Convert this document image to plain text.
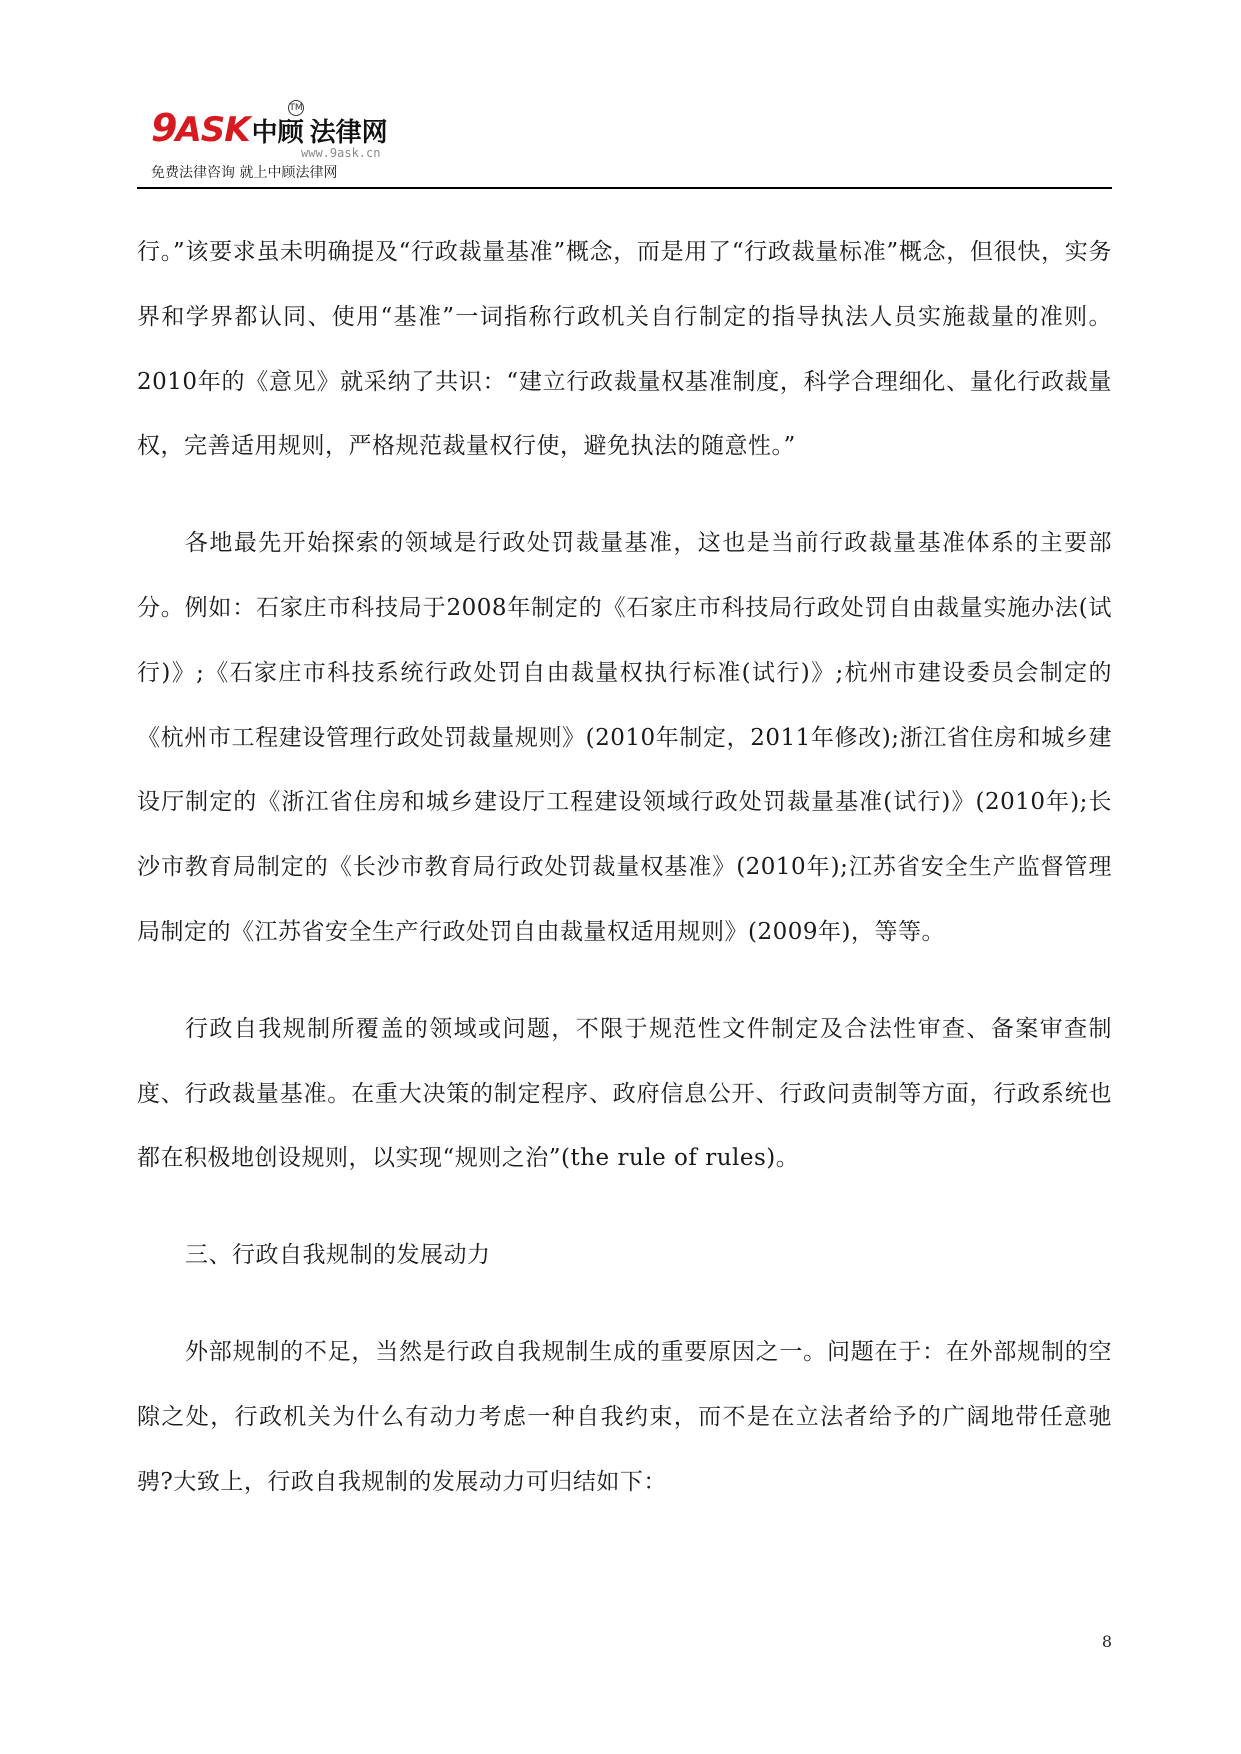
9ASK中顾 法律网
TM
www.9ask.cn
免费法律咨询 就上中顾法律网

行。”该要求虽未明确提及“行政裁量基准”概念，而是用了“行政裁量标准”概念，但很快，实务界和学界都认同、使用“基准”一词指称行政机关自行制定的指导执法人员实施裁量的准则。2010年的《意见》就采纳了共识：“建立行政裁量权基准制度，科学合理细化、量化行政裁量权，完善适用规则，严格规范裁量权行使，避免执法的随意性。”

各地最先开始探索的领域是行政处罚裁量基准，这也是当前行政裁量基准体系的主要部分。例如：石家庄市科技局于2008年制定的《石家庄市科技局行政处罚自由裁量实施办法(试行)》;《石家庄市科技系统行政处罚自由裁量权执行标准(试行)》;杭州市建设委员会制定的《杭州市工程建设管理行政处罚裁量规则》(2010年制定，2011年修改);浙江省住房和城乡建设厅制定的《浙江省住房和城乡建设厅工程建设领域行政处罚裁量基准(试行)》(2010年);长沙市教育局制定的《长沙市教育局行政处罚裁量权基准》(2010年);江苏省安全生产监督管理局制定的《江苏省安全生产行政处罚自由裁量权适用规则》(2009年)，等等。

行政自我规制所覆盖的领域或问题，不限于规范性文件制定及合法性审查、备案审查制度、行政裁量基准。在重大决策的制定程序、政府信息公开、行政问责制等方面，行政系统也都在积极地创设规则，以实现“规则之治”(the rule of rules)。

三、行政自我规制的发展动力

外部规制的不足，当然是行政自我规制生成的重要原因之一。问题在于：在外部规制的空隙之处，行政机关为什么有动力考虑一种自我约束，而不是在立法者给予的广阔地带任意驰骋?大致上，行政自我规制的发展动力可归结如下：

8
